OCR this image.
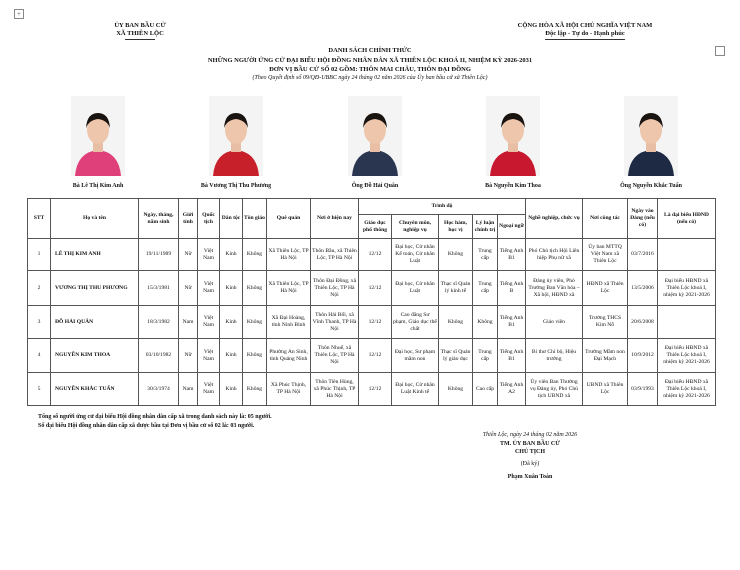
+
ỦY BAN BẦU CỬ
XÃ THIÊN LỘC
CỘNG HÒA XÃ HỘI CHỦ NGHĨA VIỆT NAM
Độc lập - Tự do - Hạnh phúc
DANH SÁCH CHÍNH THỨC
NHỮNG NGƯỜI ỨNG CỬ ĐẠI BIỂU HỘI ĐỒNG NHÂN DÂN XÃ THIÊN LỘC KHOÁ II, NHIỆM KỲ 2026-2031
ĐƠN VỊ BẦU CỬ SỐ 02 GỒM: THÔN MAI CHÂU, THÔN ĐẠI ĐỒNG
(Theo Quyết định số 09/QĐ-UBBC ngày 24 tháng 02 năm 2026 của Ủy ban bầu cử xã Thiên Lộc)
Bà Lê Thị Kim Anh	Bà Vương Thị Thu Phương	Ông Đỗ Hải Quân	Bà Nguyễn Kim Thoa	Ông Nguyễn Khắc Tuấn
STT	Họ và tên	Ngày, tháng, năm sinh	Giới tính	Quốc tịch	Dân tộc	Tôn giáo	Quê quán	Nơi ở hiện nay	Trình độ					Nghề nghiệp, chức vụ	Nơi công tác	Ngày vào Đảng (nếu có)	Là đại biểu HĐND (nếu có)
									Giáo dục phổ thông	Chuyên môn, nghiệp vụ	Học hàm, học vị	Lý luận chính trị	Ngoại ngữ				
1	LÊ THỊ KIM ANH	19/11/1989	Nữ	Việt Nam	Kinh	Không	Xã Thiên Lộc, TP Hà Nội	Thôn Bầu, xã Thiên Lộc, TP Hà Nội	12/12	Đại học, Cử nhân Kế toán, Cử nhân Luật	Không	Trung cấp	Tiếng Anh B1	Phó Chủ tịch Hội Liên hiệp Phụ nữ xã	Ủy ban MTTQ Việt Nam xã Thiên Lộc	03/7/2016	
2	VƯƠNG THỊ THU PHƯƠNG	15/3/1981	Nữ	Việt Nam	Kinh	Không	Xã Thiên Lộc, TP Hà Nội	Thôn Đại Đồng, xã Thiên Lộc, TP Hà Nội	12/12	Đại học, Cử nhân Luật	Thạc sĩ Quản lý kinh tế	Trung cấp	Tiếng Anh B	Đảng ủy viên, Phó Trưởng Ban Văn hóa – Xã hội, HĐND xã	HĐND xã Thiên Lộc	13/5/2006	Đại biểu HĐND xã Thiên Lộc khoá I, nhiệm kỳ 2021-2026
3	ĐỖ HẢI QUÂN	18/3/1982	Nam	Việt Nam	Kinh	Không	Xã Đại Hoàng, tỉnh Ninh Bình	Thôn Hải Bối, xã Vĩnh Thanh, TP Hà Nội	12/12	Cao đẳng Sư phạm, Giáo dục thể chất	Không	Không	Tiếng Anh B1	Giáo viên	Trường THCS Kim Nỗ	20/6/2008	
4	NGUYỄN KIM THOA	03/10/1982	Nữ	Việt Nam	Kinh	Không	Phường An Sinh, tỉnh Quảng Ninh	Thôn Nhuế, xã Thiên Lộc, TP Hà Nội	12/12	Đại học, Sư phạm mầm non	Thạc sĩ Quản lý giáo dục	Trung cấp	Tiếng Anh B1	Bí thư Chi bộ, Hiệu trưởng	Trường Mầm non Đại Mạch	10/9/2012	Đại biểu HĐND xã Thiên Lộc khoá I, nhiệm kỳ 2021-2026
5	NGUYỄN KHẮC TUẤN	30/3/1974	Nam	Việt Nam	Kinh	Không	Xã Phúc Thịnh, TP Hà Nội	Thôn Tiên Hùng, xã Phúc Thịnh, TP Hà Nội	12/12	Đại học, Cử nhân Luật Kinh tế	Không	Cao cấp	Tiếng Anh A2	Ủy viên Ban Thường vụ Đảng ủy, Phó Chủ tịch UBND xã	UBND xã Thiên Lộc	03/9/1993	Đại biểu HĐND xã Thiên Lộc khoá I, nhiệm kỳ 2021-2026
Tổng số người ứng cử đại biểu Hội đồng nhân dân cấp xã trong danh sách này là: 05 người.
Số đại biểu Hội đồng nhân dân cấp xã được bầu tại Đơn vị bầu cử số 02 là: 03 người.
Thiên Lộc, ngày 24 tháng 02 năm 2026
TM. ỦY BAN BẦU CỬ
CHỦ TỊCH
(Đã ký)
Phạm Xuân Toàn
